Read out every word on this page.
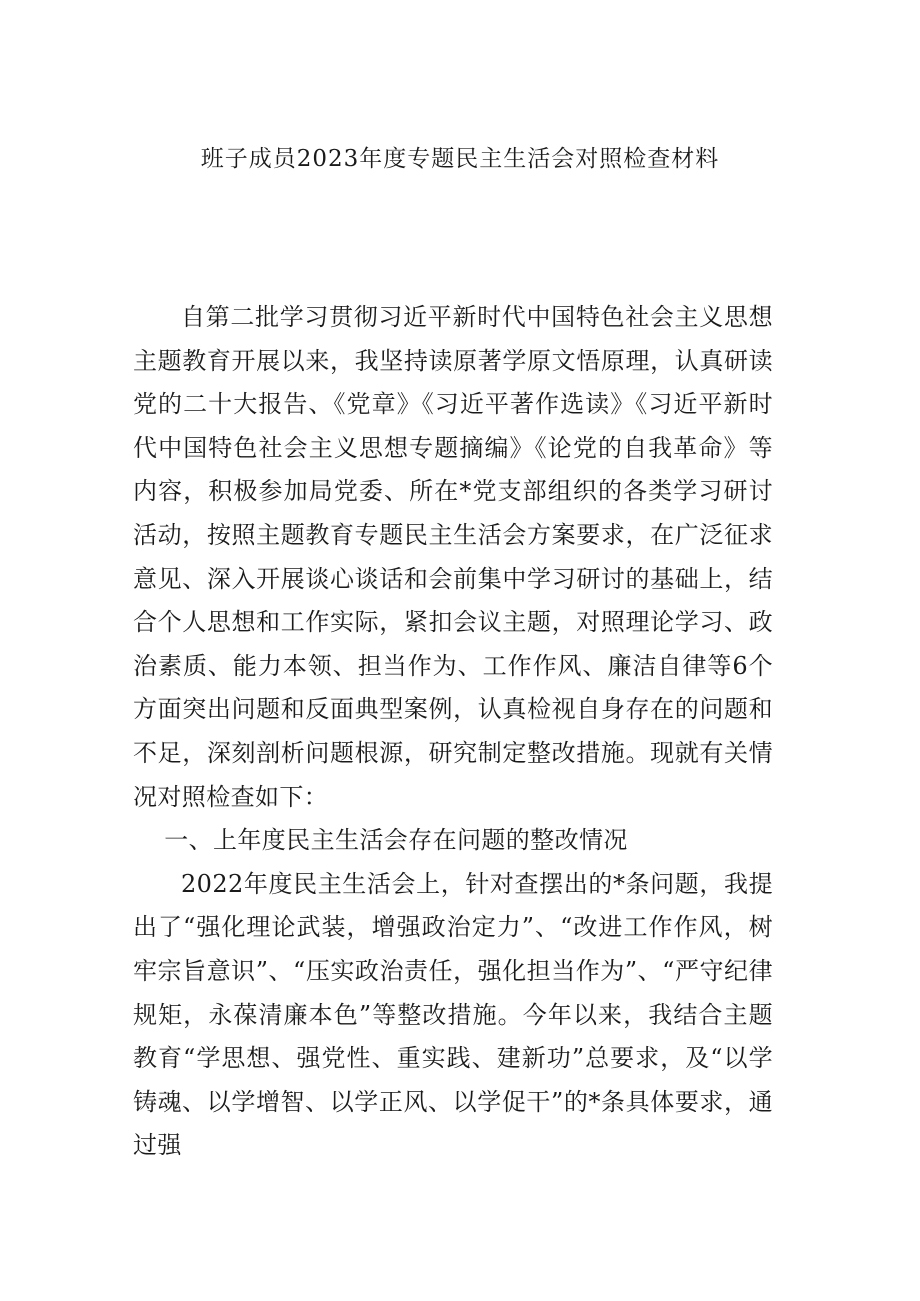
班子成员2023年度专题民主生活会对照检查材料

自第二批学习贯彻习近平新时代中国特色社会主义思想主题教育开展以来，我坚持读原著学原文悟原理，认真研读党的二十大报告、《党章》《习近平著作选读》《习近平新时代中国特色社会主义思想专题摘编》《论党的自我革命》等内容，积极参加局党委、所在*党支部组织的各类学习研讨活动，按照主题教育专题民主生活会方案要求，在广泛征求意见、深入开展谈心谈话和会前集中学习研讨的基础上，结合个人思想和工作实际，紧扣会议主题，对照理论学习、政治素质、能力本领、担当作为、工作作风、廉洁自律等6个方面突出问题和反面典型案例，认真检视自身存在的问题和不足，深刻剖析问题根源，研究制定整改措施。现就有关情况对照检查如下：

一、上年度民主生活会存在问题的整改情况

2022年度民主生活会上，针对查摆出的*条问题，我提出了“强化理论武装，增强政治定力”、“改进工作作风，树牢宗旨意识”、“压实政治责任，强化担当作为”、“严守纪律规矩，永葆清廉本色”等整改措施。今年以来，我结合主题教育“学思想、强党性、重实践、建新功”总要求，及“以学铸魂、以学增智、以学正风、以学促干”的*条具体要求，通过强
